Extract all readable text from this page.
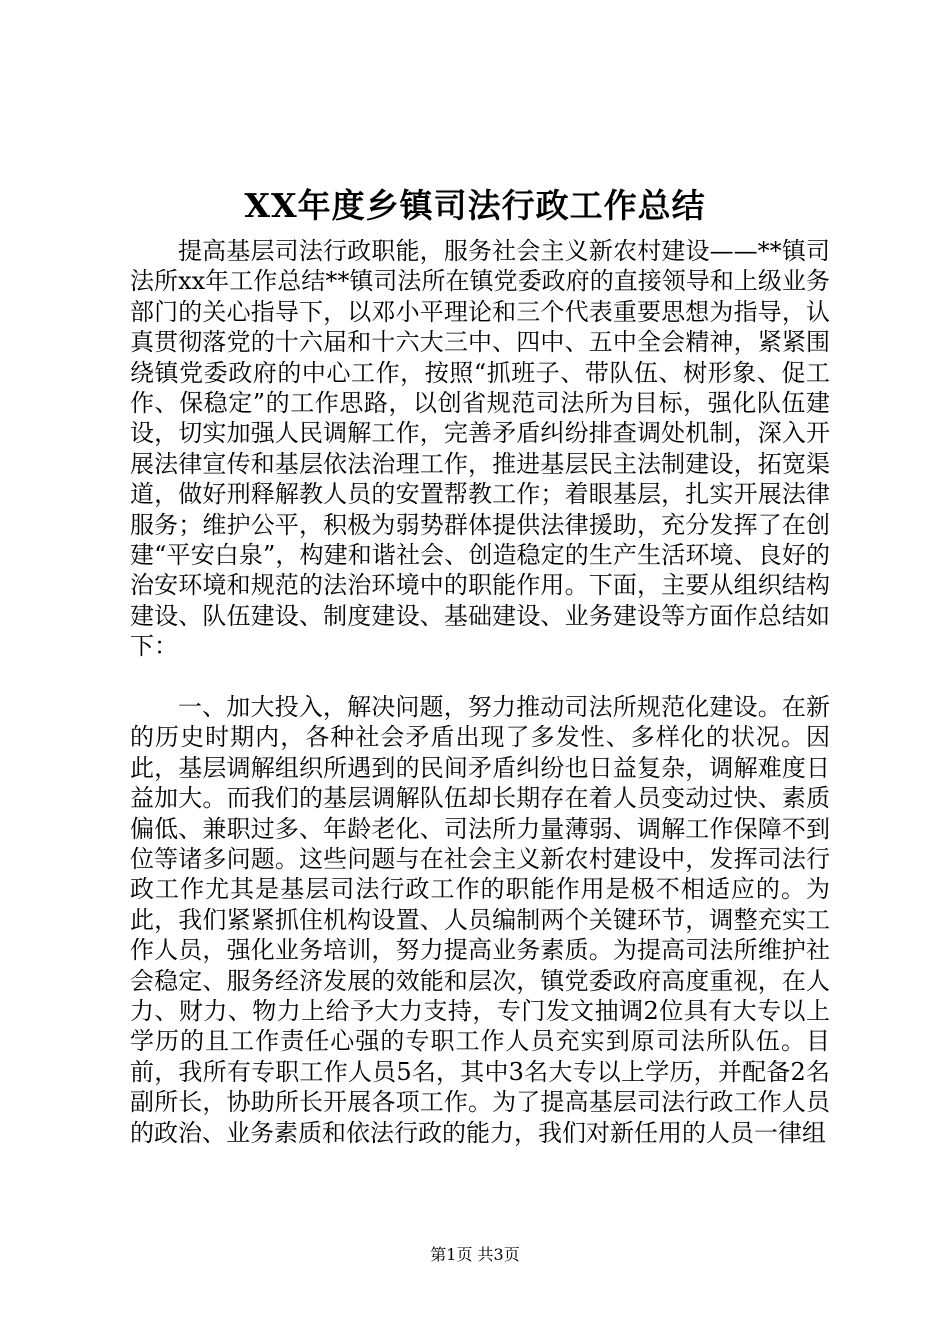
XX年度乡镇司法行政工作总结

提高基层司法行政职能，服务社会主义新农村建设——**镇司法所xx年工作总结**镇司法所在镇党委政府的直接领导和上级业务部门的关心指导下，以邓小平理论和三个代表重要思想为指导，认真贯彻落党的十六届和十六大三中、四中、五中全会精神，紧紧围绕镇党委政府的中心工作，按照“抓班子、带队伍、树形象、促工作、保稳定”的工作思路，以创省规范司法所为目标，强化队伍建设，切实加强人民调解工作，完善矛盾纠纷排查调处机制，深入开展法律宣传和基层依法治理工作，推进基层民主法制建设，拓宽渠道，做好刑释解教人员的安置帮教工作；着眼基层，扎实开展法律服务；维护公平，积极为弱势群体提供法律援助，充分发挥了在创建“平安白泉”，构建和谐社会、创造稳定的生产生活环境、良好的治安环境和规范的法治环境中的职能作用。下面，主要从组织结构建设、队伍建设、制度建设、基础建设、业务建设等方面作总结如下：

一、加大投入，解决问题，努力推动司法所规范化建设。在新的历史时期内，各种社会矛盾出现了多发性、多样化的状况。因此，基层调解组织所遇到的民间矛盾纠纷也日益复杂，调解难度日益加大。而我们的基层调解队伍却长期存在着人员变动过快、素质偏低、兼职过多、年龄老化、司法所力量薄弱、调解工作保障不到位等诸多问题。这些问题与在社会主义新农村建设中，发挥司法行政工作尤其是基层司法行政工作的职能作用是极不相适应的。为此，我们紧紧抓住机构设置、人员编制两个关键环节，调整充实工作人员，强化业务培训，努力提高业务素质。为提高司法所维护社会稳定、服务经济发展的效能和层次，镇党委政府高度重视，在人力、财力、物力上给予大力支持，专门发文抽调2位具有大专以上学历的且工作责任心强的专职工作人员充实到原司法所队伍。目前，我所有专职工作人员5名，其中3名大专以上学历，并配备2名副所长，协助所长开展各项工作。为了提高基层司法行政工作人员的政治、业务素质和依法行政的能力，我们对新任用的人员一律组

第1页 共3页
